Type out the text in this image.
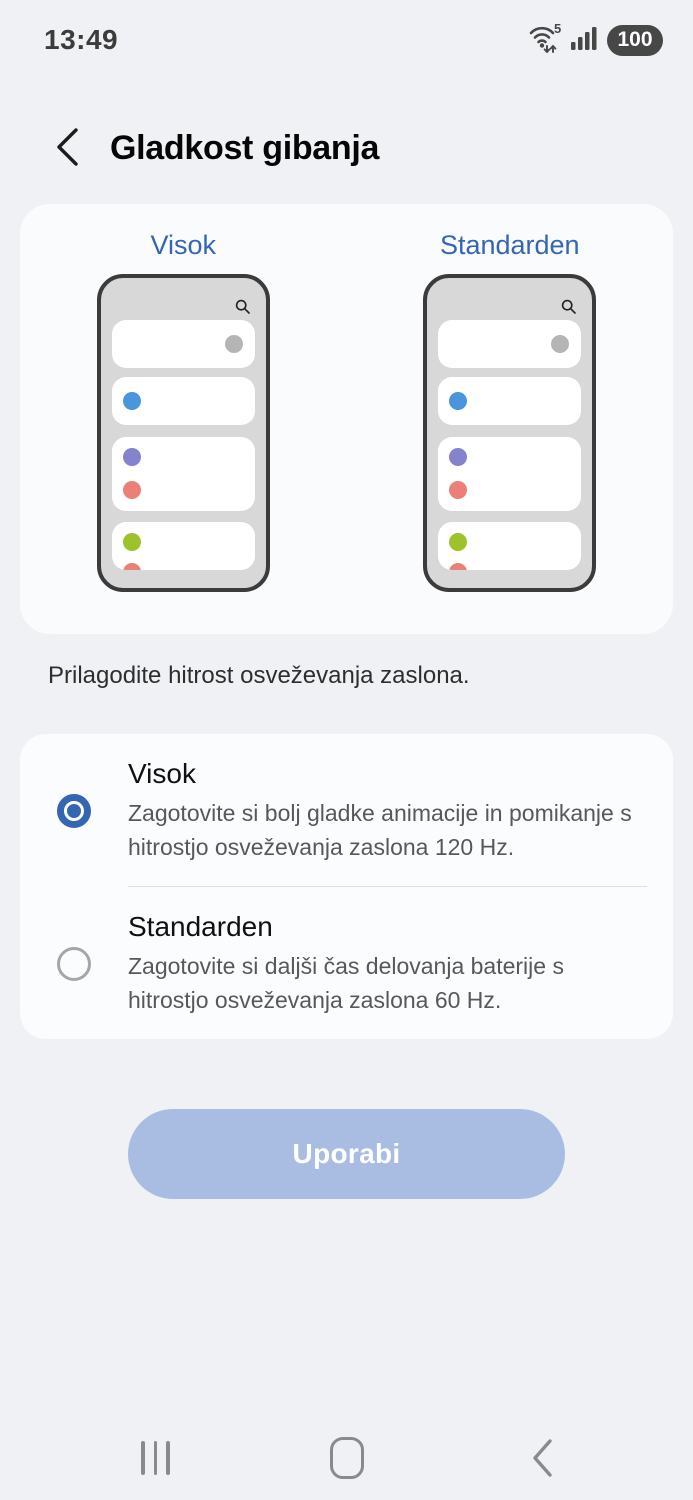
13:49	5	100
Gladkost gibanja
Visok	Standarden

Prilagodite hitrost osveževanja zaslona.

Visok
Zagotovite si bolj gladke animacije in pomikanje s hitrostjo osveževanja zaslona 120 Hz.
Standarden
Zagotovite si daljši čas delovanja baterije s hitrostjo osveževanja zaslona 60 Hz.
Uporabi
